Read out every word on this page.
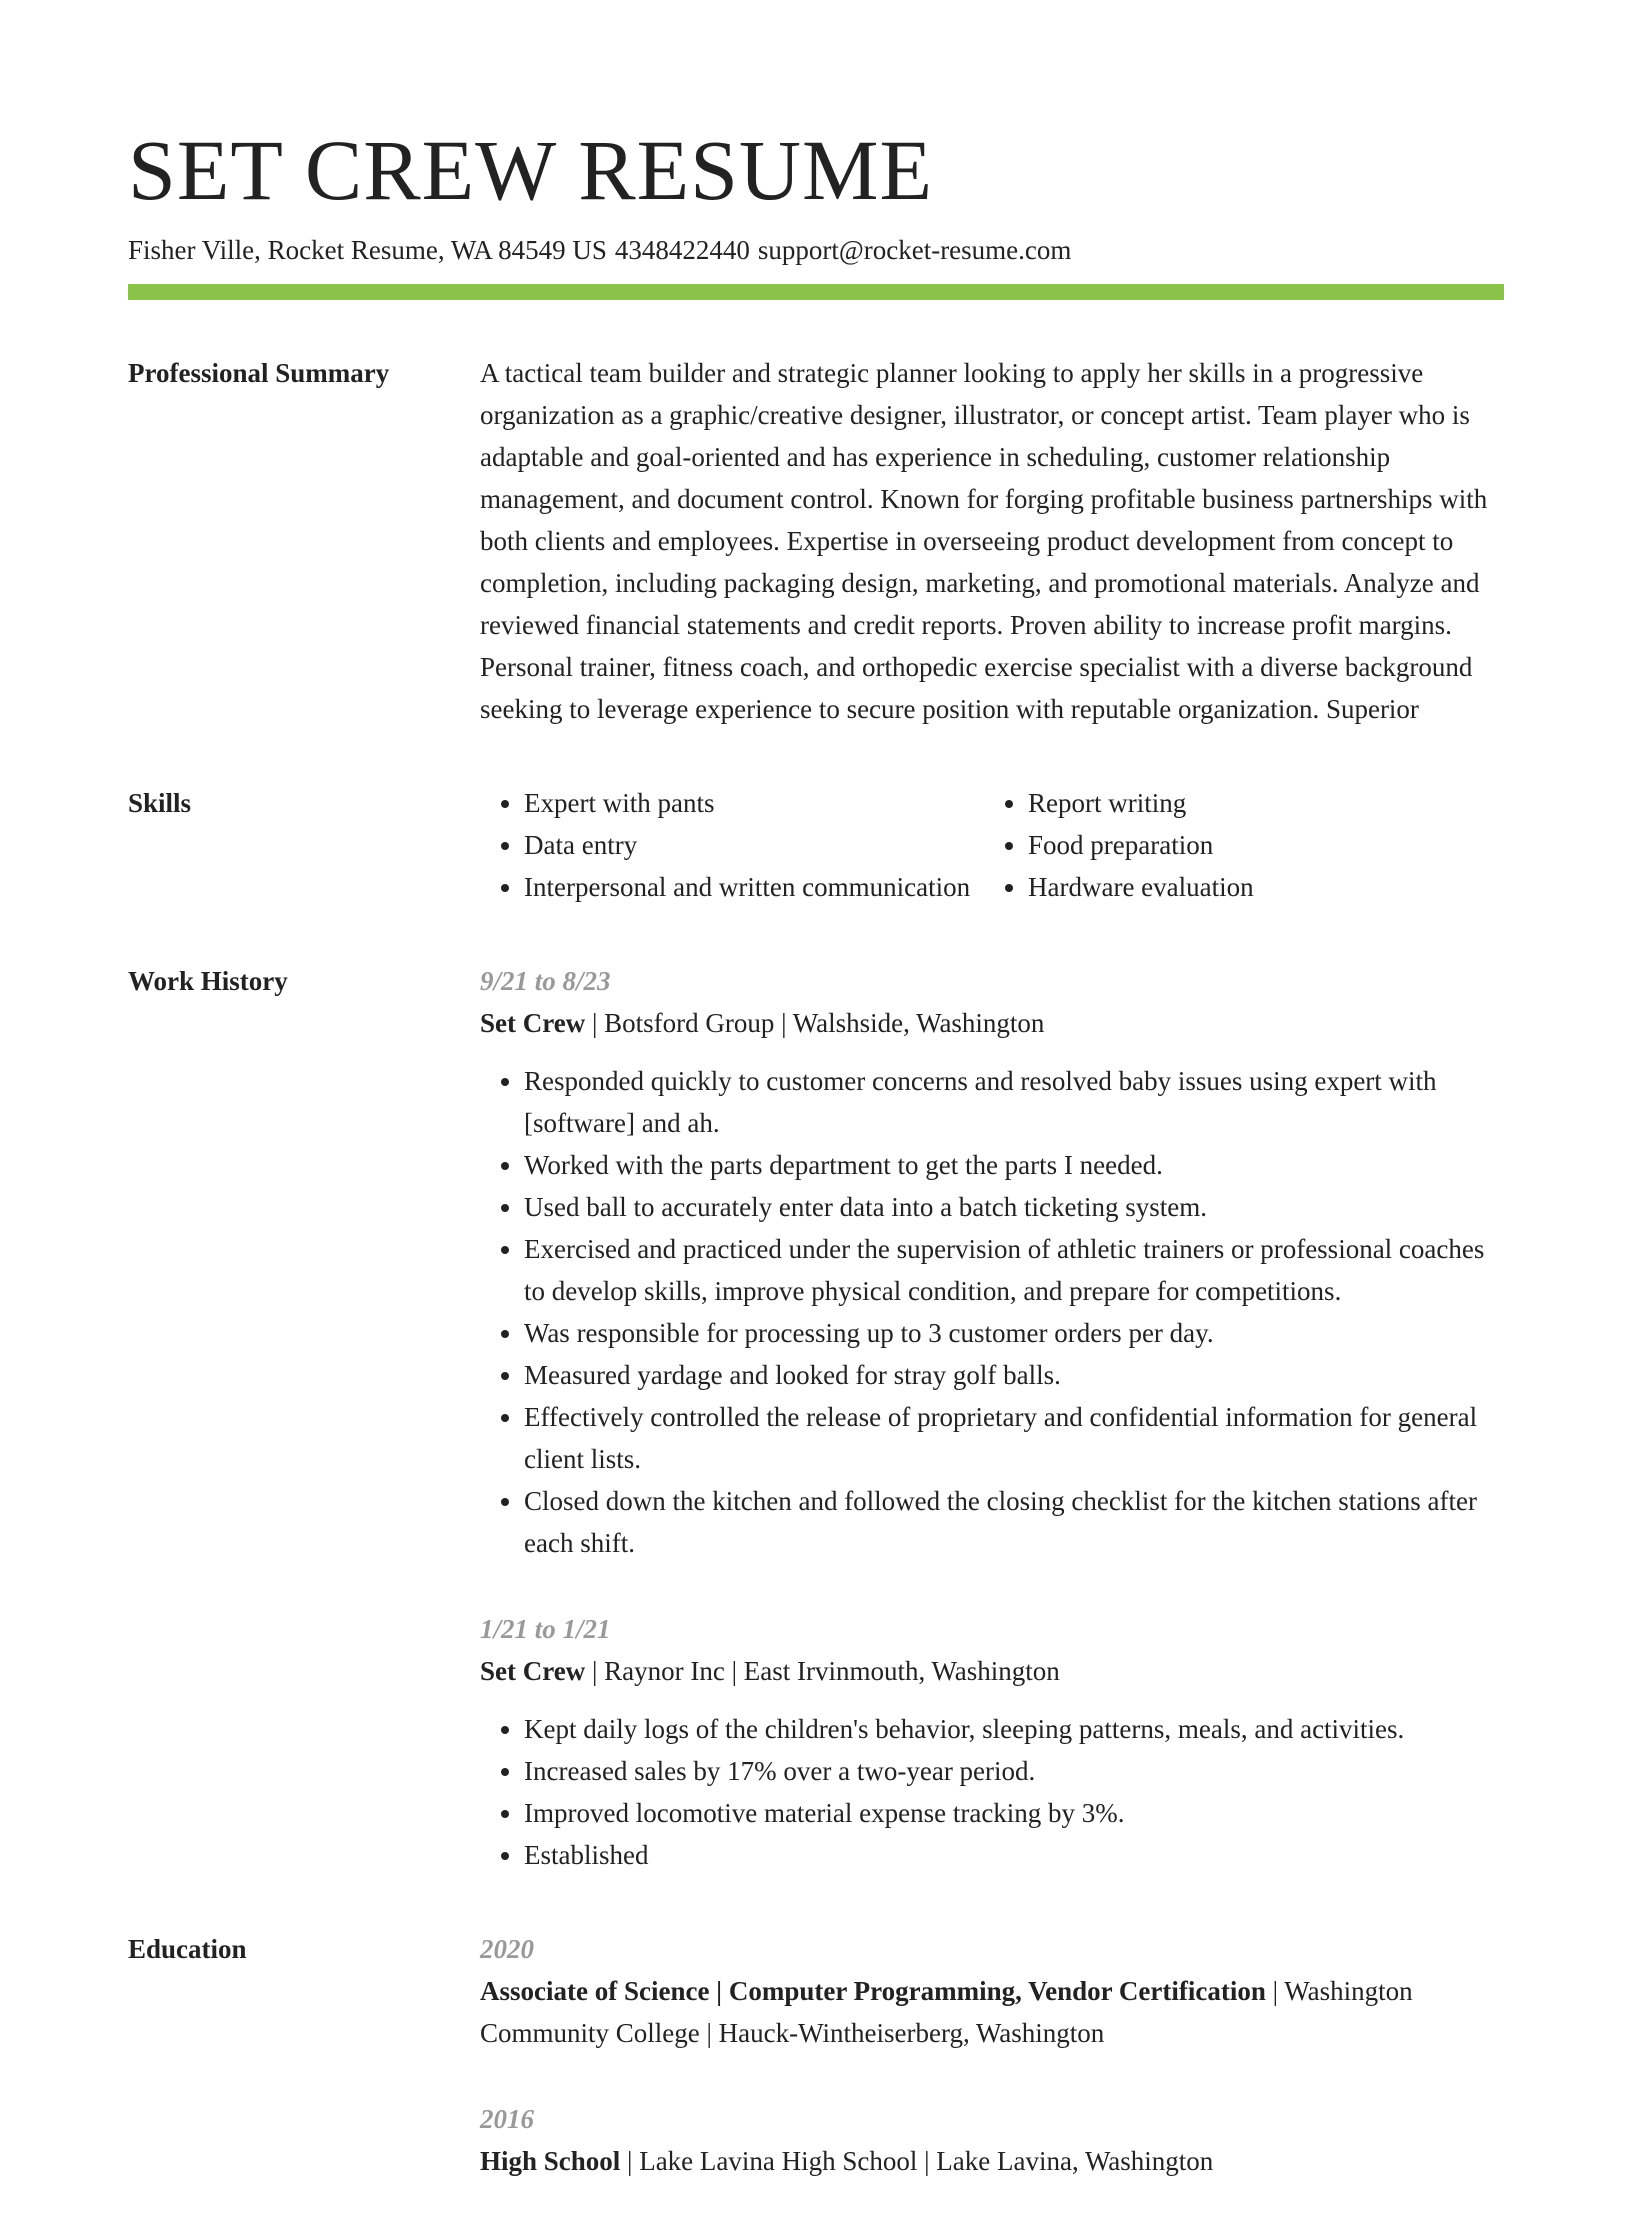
SET CREW RESUME
Fisher Ville, Rocket Resume, WA 84549 US 4348422440 support@rocket-resume.com
Professional Summary	A tactical team builder and strategic planner looking to apply her skills in a progressive organization as a graphic/creative designer, illustrator, or concept artist. Team player who is adaptable and goal-oriented and has experience in scheduling, customer relationship management, and document control. Known for forging profitable business partnerships with both clients and employees. Expertise in overseeing product development from concept to completion, including packaging design, marketing, and promotional materials. Analyze and reviewed financial statements and credit reports. Proven ability to increase profit margins. Personal trainer, fitness coach, and orthopedic exercise specialist with a diverse background seeking to leverage experience to secure position with reputable organization. Superior

Skills
•	Expert with pants
• Data entry
• Interpersonal and written communication
• Report writing
• Food preparation
• Hardware evaluation
Work History	9/21 to 8/23
Set Crew | Botsford Group | Walshside, Washington
• Responded quickly to customer concerns and resolved baby issues using expert with [software] and ah.
• Worked with the parts department to get the parts I needed.
• Used ball to accurately enter data into a batch ticketing system.
• Exercised and practiced under the supervision of athletic trainers or professional coaches to develop skills, improve physical condition, and prepare for competitions.
• Was responsible for processing up to 3 customer orders per day.
• Measured yardage and looked for stray golf balls.
• Effectively controlled the release of proprietary and confidential information for general client lists.
• Closed down the kitchen and followed the closing checklist for the kitchen stations after each shift.
1/21 to 1/21
Set Crew | Raynor Inc | East Irvinmouth, Washington
• Kept daily logs of the children's behavior, sleeping patterns, meals, and activities.
• Increased sales by 17% over a two-year period.
• Improved locomotive material expense tracking by 3%.
• Established
Education	2020
Associate of Science | Computer Programming, Vendor Certification | Washington Community College | Hauck-Wintheiserberg, Washington
2016
High School | Lake Lavina High School | Lake Lavina, Washington
